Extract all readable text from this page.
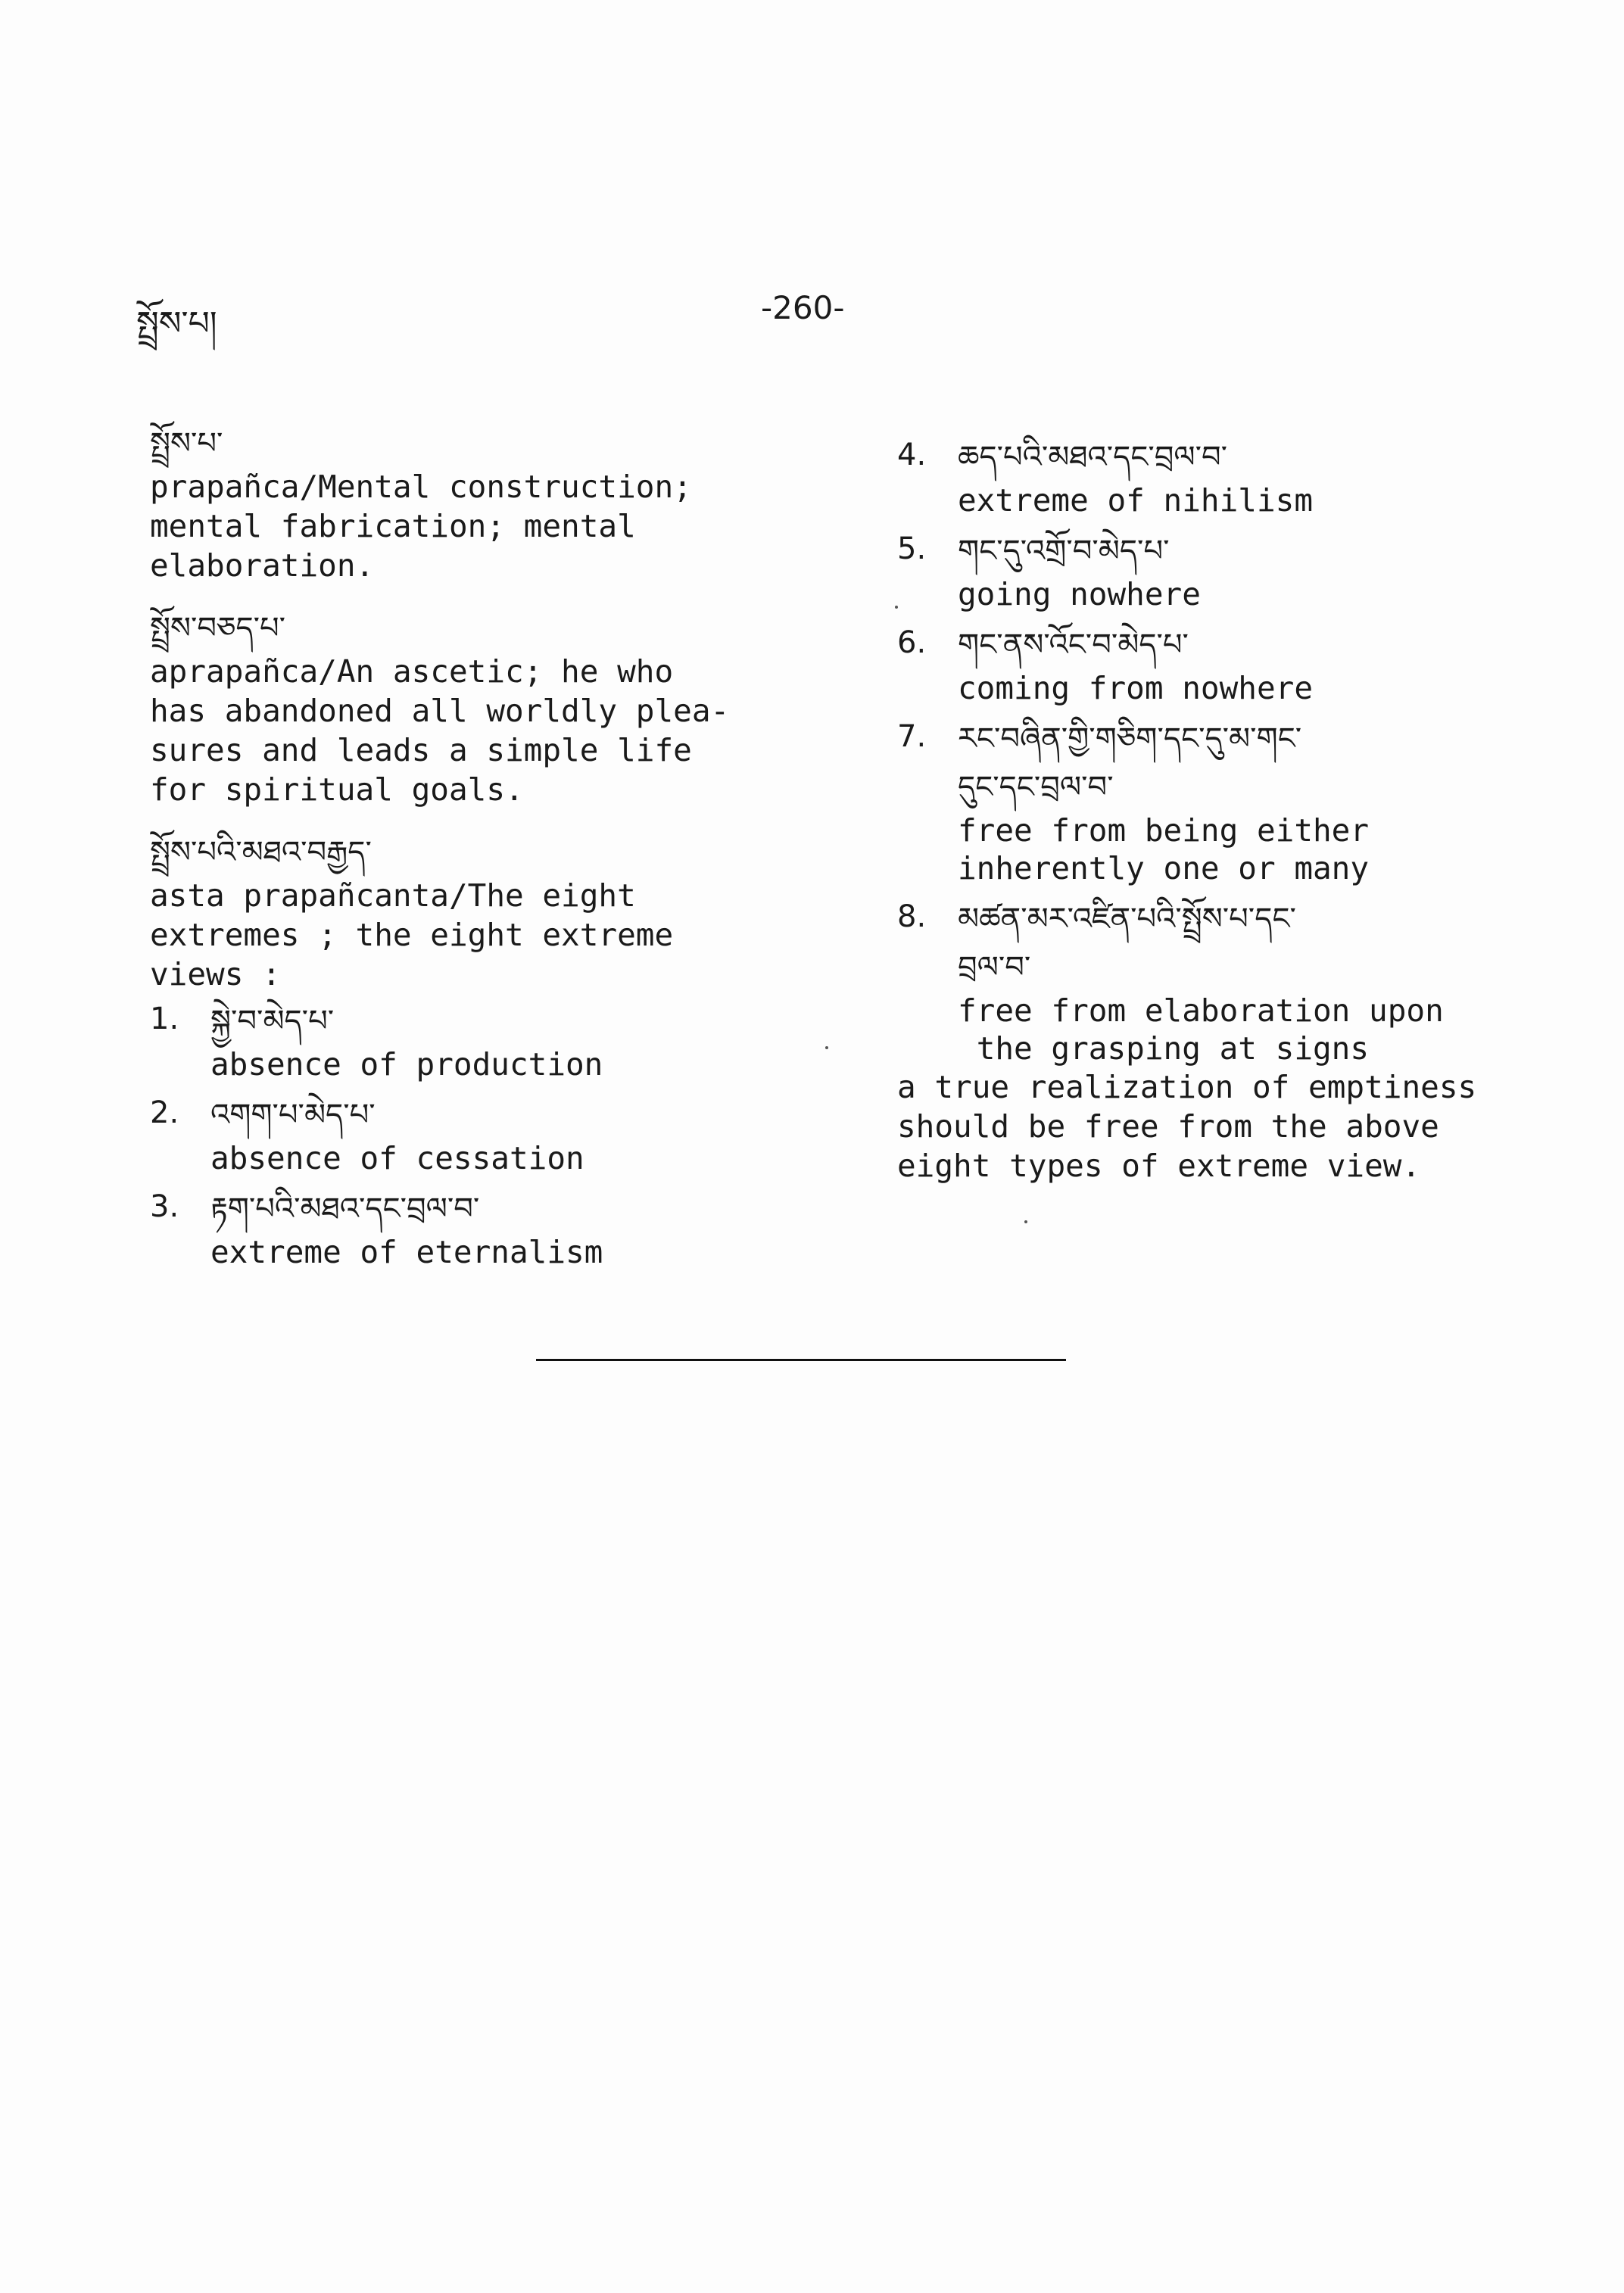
སྤྲོས་པ།	-260-

སྤྲོས་པ་

prapañca/Mental construction;
mental fabrication; mental
elaboration.

སྤྲོས་བཅད་པ་

aprapañca/An ascetic; he who
has abandoned all worldly plea-
sures and leads a simple life
for spiritual goals.

སྤྲོས་པའི་མཐའ་བརྒྱད་

asta prapañcanta/The eight
extremes ; the eight extreme
views :

1. སྐྱེ་བ་མེད་པ་

absence of production

2. འགག་པ་མེད་པ་

absence of cessation

3. རྟག་པའི་མཐའ་དང་བྲལ་བ་

extreme of eternalism

4. ཆད་པའི་མཐའ་དང་བྲལ་བ་

extreme of nihilism

5. གང་དུ་འགྲོ་བ་མེད་པ་

going nowhere

6. གང་ནས་འོང་བ་མེད་པ་

coming from nowhere

7. རང་བཞིན་གྱི་གཅིག་དང་དུ་མ་གང་
དུང་དང་བྲལ་བ་

free from being either
inherently one or many

8. མཚན་མར་འཛིན་པའི་སྤྲོས་པ་དང་
བྲལ་བ་

free from elaboration upon
the grasping at signs

a true realization of emptiness
should be free from the above
eight types of extreme view.
